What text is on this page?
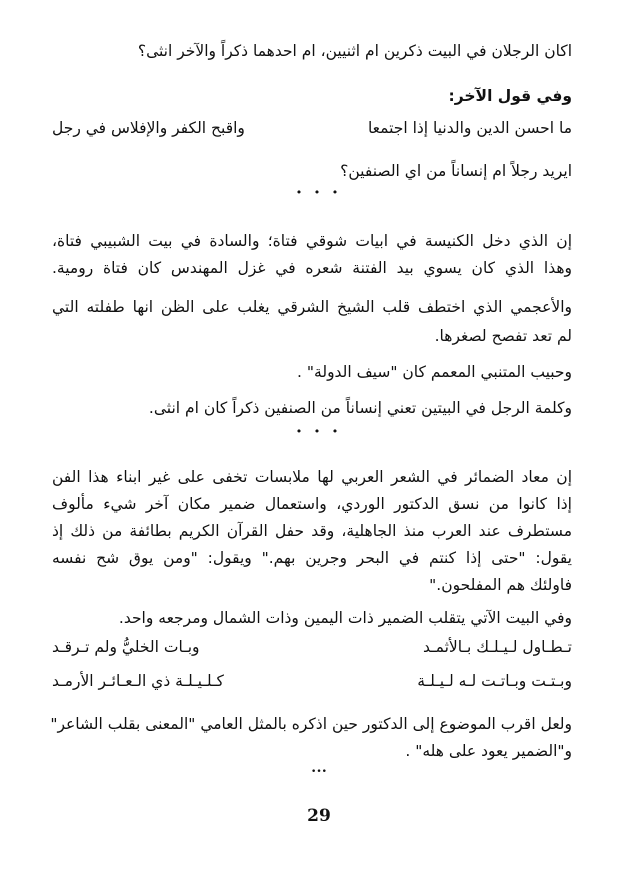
اكان الرجلان في البيت ذكرين ام اثنيين، ام احدهما ذكراً والآخر انثى؟
وفي قول الآخر:
ما احسن الدين والدنيا إذا اجتمعا
واقبح الكفر والإفلاس في رجل
ايريد رجلاً ام إنساناً من اي الصنفين؟
• • •
إن الذي دخل الكنيسة في ابيات شوقي فتاة؛ والسادة في بيت الشبيبي فتاة،
وهذا الذي كان يسوي بيد الفتنة شعره في غزل المهندس كان فتاة رومية.
والأعجمي الذي اختطف قلب الشيخ الشرقي يغلب على الظن انها طفلته التي
لم تعد تفصح لصغرها.
وحبيب المتنبي المعمم كان "سيف الدولة" .
وكلمة الرجل في البيتين تعني إنساناً من الصنفين ذكراً كان ام انثى.
• • •
إن معاد الضمائر في الشعر العربي لها ملابسات تخفى على غير ابناء هذا الفن
إذا كانوا من نسق الدكتور الوردي، واستعمال ضمير مكان آخر شيء مألوف
مستطرف عند العرب منذ الجاهلية، وقد حفل القرآن الكريم بطائفة من ذلك إذ
يقول: "حتى إذا كنتم في البحر وجرين بهم." ويقول: "ومن يوق شح نفسه
فاولئك هم المفلحون."
وفي البيت الآتي يتقلب الضمير ذات اليمين وذات الشمال ومرجعه واحد.
تـطـاول لـيـلـك بـالأثمـد
وبـات الخليُّ ولم تـرقـد
وبـتـت وبـاتـت لـه لـيـلـة
كـلـيـلـة ذي الـعـائـر الأرمـد
ولعل اقرب الموضوع إلى الدكتور حين اذكره بالمثل العامي "المعنى بقلب الشاعر"
و"الضمير يعود على هله" .
•••
29
